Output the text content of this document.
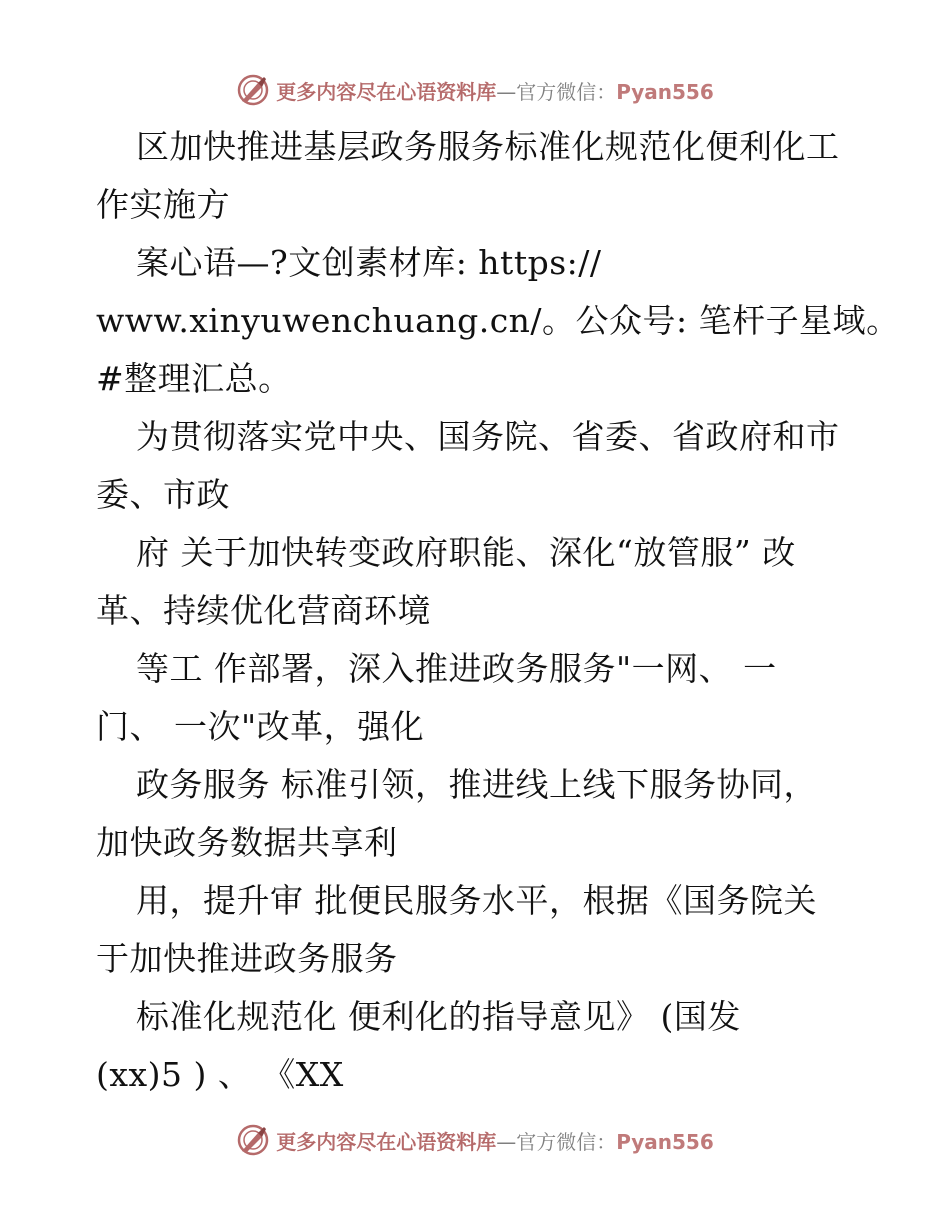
更多内容尽在心语资料库—官方微信：Pyan556
区加快推进基层政务服务标准化规范化便利化工
作实施方
案心语—?文创素材库: https://
www.xinyuwenchuang.cn/。公众号: 笔杆子星域。
#整理汇总。
为贯彻落实党中央、国务院、省委、省政府和市
委、市政
府 关于加快转变政府职能、深化“放管服” 改
革、持续优化营商环境
等工 作部署，深入推进政务服务"一网、 一
门、 一次"改革，强化
政务服务 标准引领，推进线上线下服务协同，
加快政务数据共享利
用，提升审 批便民服务水平，根据《国务院关
于加快推进政务服务
标准化规范化 便利化的指导意见》 (国发
(xx)5 ) 、 《XX
更多内容尽在心语资料库—官方微信：Pyan556
